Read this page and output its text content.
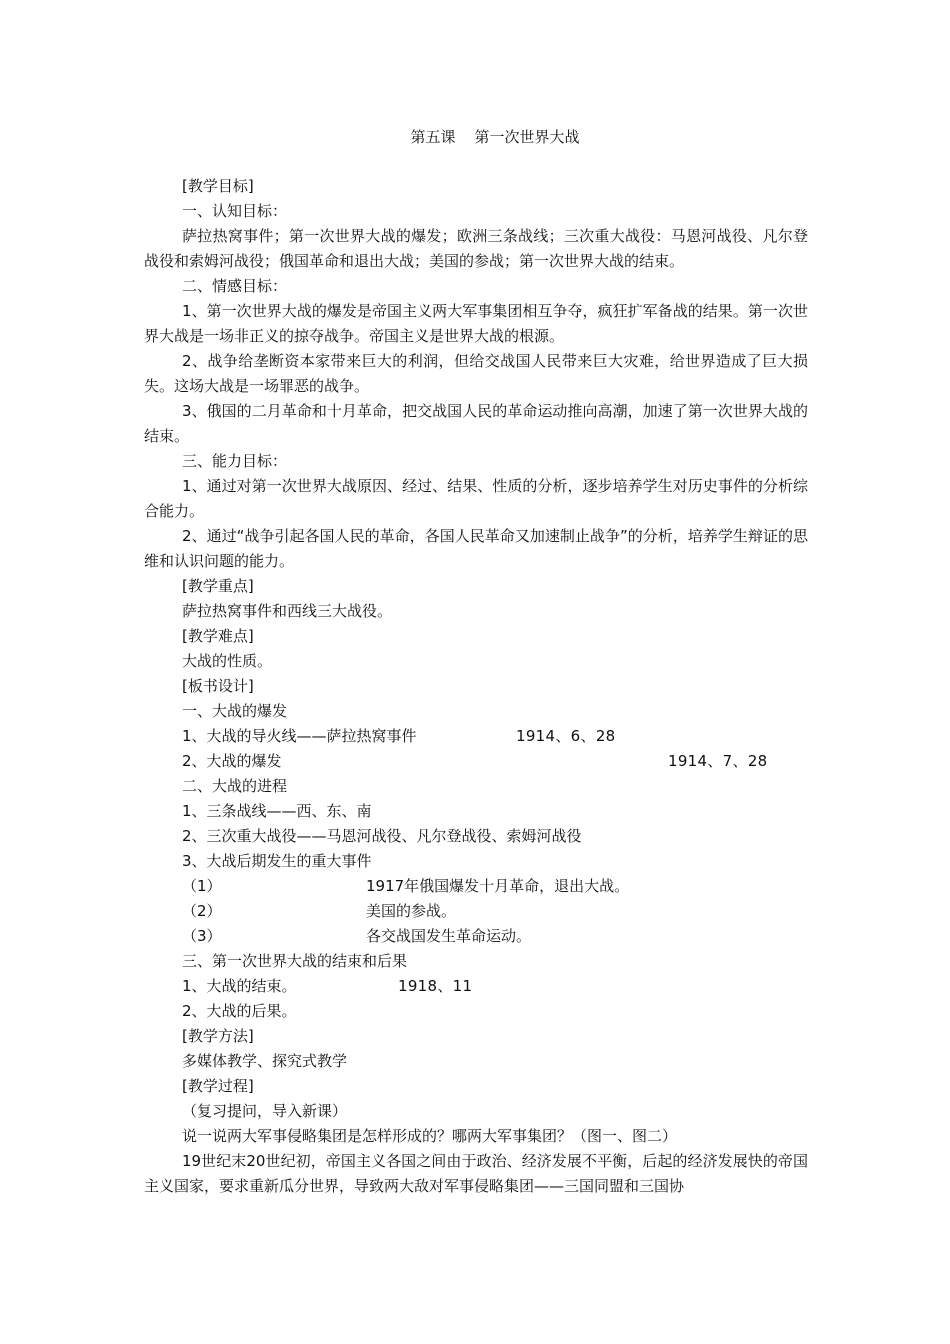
第五课    第一次世界大战

[教学目标]

一、认知目标：

萨拉热窝事件；第一次世界大战的爆发；欧洲三条战线；三次重大战役：马恩河战役、凡尔登战役和索姆河战役；俄国革命和退出大战；美国的参战；第一次世界大战的结束。

二、情感目标：

1、第一次世界大战的爆发是帝国主义两大军事集团相互争夺，疯狂扩军备战的结果。第一次世界大战是一场非正义的掠夺战争。帝国主义是世界大战的根源。

2、战争给垄断资本家带来巨大的利润，但给交战国人民带来巨大灾难，给世界造成了巨大损失。这场大战是一场罪恶的战争。

3、俄国的二月革命和十月革命，把交战国人民的革命运动推向高潮，加速了第一次世界大战的结束。

三、能力目标：

1、通过对第一次世界大战原因、经过、结果、性质的分析，逐步培养学生对历史事件的分析综合能力。

2、通过“战争引起各国人民的革命，各国人民革命又加速制止战争”的分析，培养学生辩证的思维和认识问题的能力。

[教学重点]

萨拉热窝事件和西线三大战役。

[教学难点]

大战的性质。

[板书设计]

一、大战的爆发

1、大战的导火线——萨拉热窝事件	1914、6、28
2、大战的爆发	1914、7、28

二、大战的进程

1、三条战线——西、东、南

2、三次重大战役——马恩河战役、凡尔登战役、索姆河战役

3、大战后期发生的重大事件

（1）	1917年俄国爆发十月革命，退出大战。
（2）	美国的参战。
（3）	各交战国发生革命运动。

三、第一次世界大战的结束和后果

1、大战的结束。	1918、11

2、大战的后果。

[教学方法]

多媒体教学、探究式教学

[教学过程]

（复习提问，导入新课）

说一说两大军事侵略集团是怎样形成的？哪两大军事集团？（图一、图二）

19世纪末20世纪初，帝国主义各国之间由于政治、经济发展不平衡，后起的经济发展快的帝国主义国家，要求重新瓜分世界，导致两大敌对军事侵略集团——三国同盟和三国协
